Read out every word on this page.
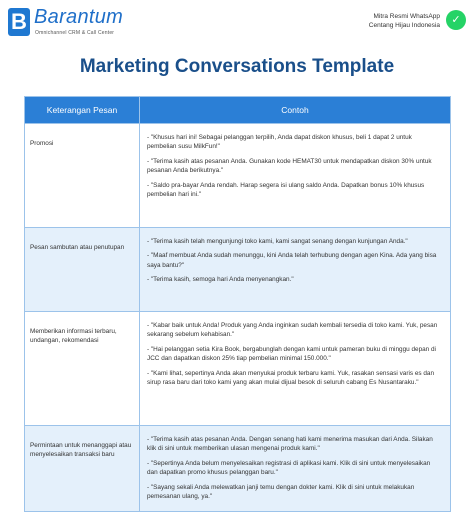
B Barantum
Omnichannel CRM & Call Center
Mitra Resmi WhatsApp
Centang Hijau Indonesia	✓
Marketing Conversations Template
Keterangan Pesan	Contoh
Promosi	- "Khusus hari ini! Sebagai pelanggan terpilih, Anda dapat diskon khusus, beli 1 dapat 2 untuk pembelian susu MilkFun!"

- "Terima kasih atas pesanan Anda. Gunakan kode HEMAT30 untuk mendapatkan diskon 30% untuk pesanan Anda berikutnya."

- "Saldo pra-bayar Anda rendah. Harap segera isi ulang saldo Anda. Dapatkan bonus 10% khusus pembelian hari ini."

Pesan sambutan atau penutupan	- "Terima kasih telah mengunjungi toko kami, kami sangat senang dengan kunjungan Anda."

- "Maaf membuat Anda sudah menunggu, kini Anda telah terhubung dengan agen Kina. Ada yang bisa saya bantu?"

- "Terima kasih, semoga hari Anda menyenangkan."

Memberikan informasi terbaru, undangan, rekomendasi	- "Kabar baik untuk Anda! Produk yang Anda inginkan sudah kembali tersedia di toko kami. Yuk, pesan sekarang sebelum kehabisan."

- "Hai pelanggan setia Kira Book, bergabunglah dengan kami untuk pameran buku di minggu depan di JCC dan dapatkan diskon 25% tiap pembelian minimal 150.000."

- "Kami lihat, sepertinya Anda akan menyukai produk terbaru kami. Yuk, rasakan sensasi varis es dan sirup rasa baru dari toko kami yang akan mulai dijual besok di seluruh cabang Es Nusantaraku."

Permintaan untuk menanggapi atau menyelesaikan transaksi baru	- "Terima kasih atas pesanan Anda. Dengan senang hati kami menerima masukan dari Anda. Silakan klik di sini untuk memberikan ulasan mengenai produk kami."

- "Sepertinya Anda belum menyelesaikan registrasi di aplikasi kami. Klik di sini untuk menyelesaikan dan dapatkan promo khusus pelanggan baru."

- "Sayang sekali Anda melewatkan janji temu dengan dokter kami. Klik di sini untuk melakukan pemesanan ulang, ya."
